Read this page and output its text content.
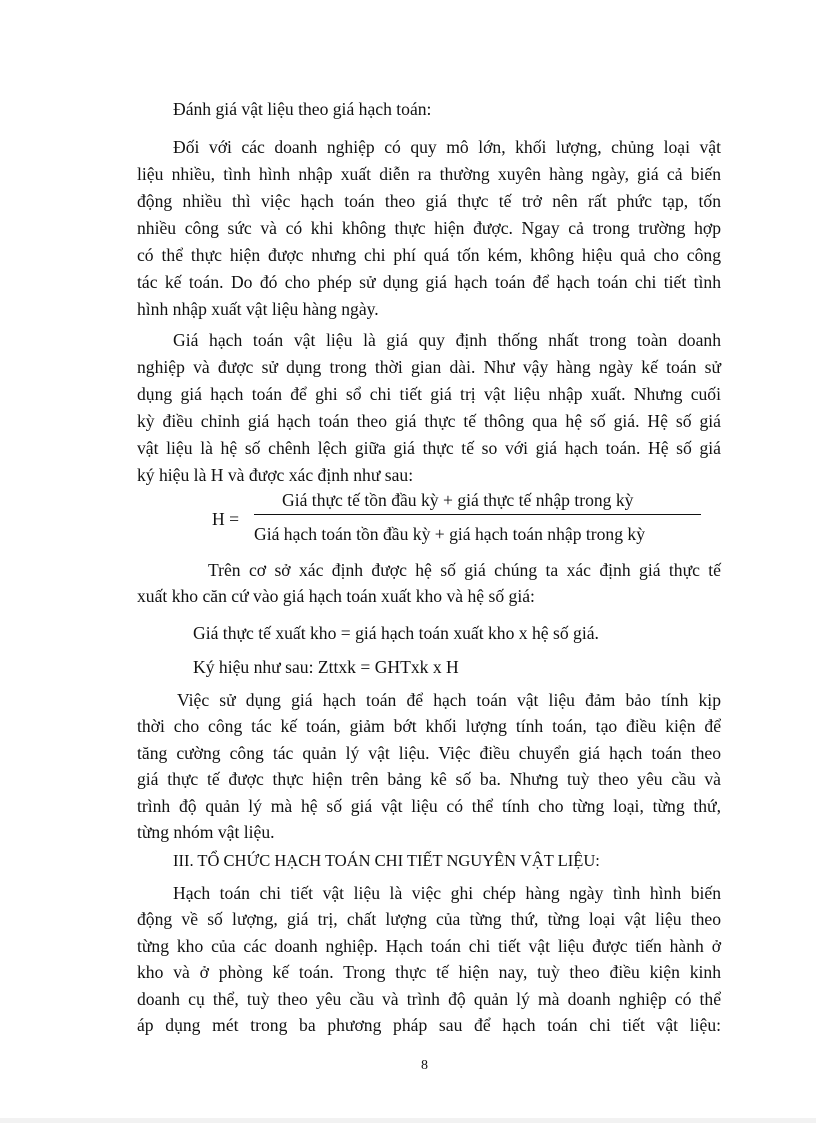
Đánh giá vật liệu theo giá hạch toán:
Đối với các doanh nghiệp có quy mô lớn, khối lượng, chủng loại vật
liệu nhiều, tình hình nhập xuất diễn ra thường xuyên hàng ngày, giá cả biến
động nhiều thì việc hạch toán theo giá thực tế trở nên rất phức tạp, tốn
nhiều công sức và có khi không thực hiện được. Ngay cả trong trường hợp
có thể thực hiện được nhưng chi phí quá tốn kém, không hiệu quả cho công
tác kế toán. Do đó cho phép sử dụng giá hạch toán để hạch toán chi tiết tình
hình nhập xuất vật liệu hàng ngày.
Giá hạch toán vật liệu là giá quy định thống nhất trong toàn doanh
nghiệp và được sử dụng trong thời gian dài. Như vậy hàng ngày kế toán sử
dụng giá hạch toán để ghi sổ chi tiết giá trị vật liệu nhập xuất. Nhưng cuối
kỳ điều chỉnh giá hạch toán theo giá thực tế thông qua hệ số giá. Hệ số giá
vật liệu là hệ số chênh lệch giữa giá thực tế so với giá hạch toán. Hệ số giá
ký hiệu là H và được xác định như sau:
H =
Giá thực tế tồn đầu kỳ + giá thực tế nhập trong kỳ
Giá hạch toán tồn đầu kỳ + giá hạch toán nhập trong kỳ
Trên cơ sở xác định được hệ số giá chúng ta xác định giá thực tế
xuất kho căn cứ vào giá hạch toán xuất kho và hệ số giá:
Giá thực tế xuất kho = giá hạch toán xuất kho x hệ số giá.
Ký hiệu như sau: Zttxk = GHTxk x H
Việc sử dụng giá hạch toán để hạch toán vật liệu đảm bảo tính kịp
thời cho công tác kế toán, giảm bớt khối lượng tính toán, tạo điều kiện để
tăng cường công tác quản lý vật liệu. Việc điều chuyển giá hạch toán theo
giá thực tế được thực hiện trên bảng kê số ba. Nhưng tuỳ theo yêu cầu và
trình độ quản lý mà hệ số giá vật liệu có thể tính cho từng loại, từng thứ,
từng nhóm vật liệu.
III. TỔ CHỨC HẠCH TOÁN CHI TIẾT NGUYÊN VẬT LIỆU:
Hạch toán chi tiết vật liệu là việc ghi chép hàng ngày tình hình biến
động về số lượng, giá trị, chất lượng của từng thứ, từng loại vật liệu theo
từng kho của các doanh nghiệp. Hạch toán chi tiết vật liệu được tiến hành ở
kho và ở phòng kế toán. Trong thực tế hiện nay, tuỳ theo điều kiện kinh
doanh cụ thể, tuỳ theo yêu cầu và trình độ quản lý mà doanh nghiệp có thể
áp dụng mét trong ba phương pháp sau để hạch toán chi tiết vật liệu:
8
